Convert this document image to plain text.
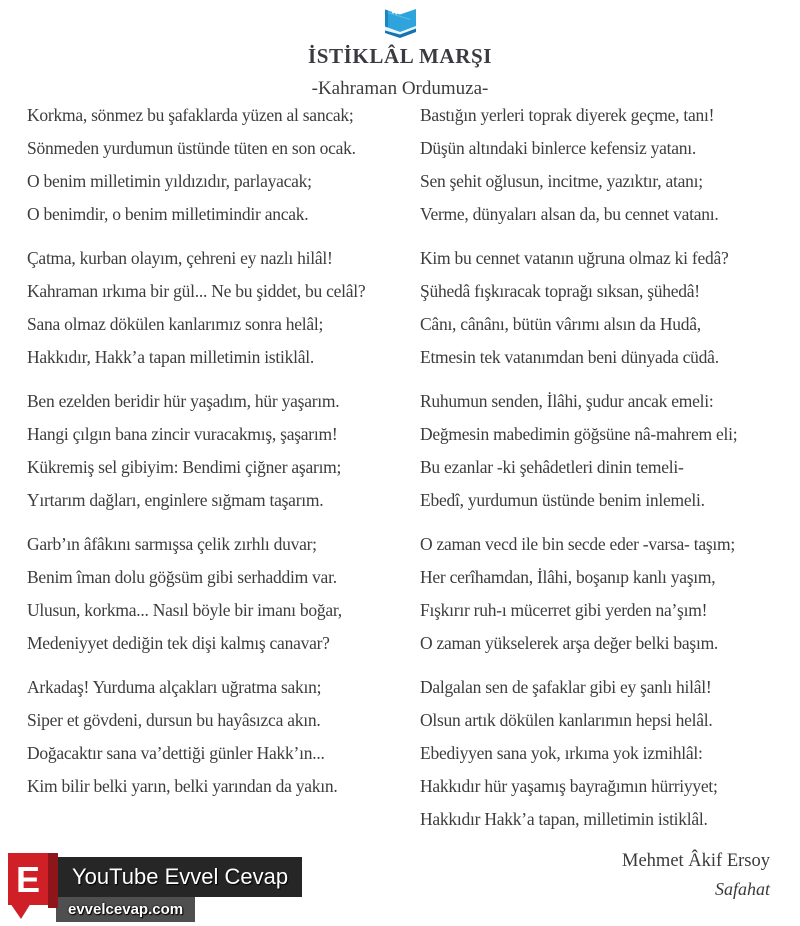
İSTİKLÂL MARŞI
-Kahraman Ordumuza-

Korkma, sönmez bu şafaklarda yüzen al sancak;

Sönmeden yurdumun üstünde tüten en son ocak.

O benim milletimin yıldızıdır, parlayacak;

O benimdir, o benim milletimindir ancak.

Çatma, kurban olayım, çehreni ey nazlı hilâl!

Kahraman ırkıma bir gül... Ne bu şiddet, bu celâl?

Sana olmaz dökülen kanlarımız sonra helâl;

Hakkıdır, Hakk’a tapan milletimin istiklâl.

Ben ezelden beridir hür yaşadım, hür yaşarım.

Hangi çılgın bana zincir vuracakmış, şaşarım!

Kükremiş sel gibiyim: Bendimi çiğner aşarım;

Yırtarım dağları, enginlere sığmam taşarım.

Garb’ın âfâkını sarmışsa çelik zırhlı duvar;

Benim îman dolu göğsüm gibi serhaddim var.

Ulusun, korkma... Nasıl böyle bir imanı boğar,

Medeniyyet dediğin tek dişi kalmış canavar?

Arkadaş! Yurduma alçakları uğratma sakın;

Siper et gövdeni, dursun bu hayâsızca akın.

Doğacaktır sana va’dettiği günler Hakk’ın...

Kim bilir belki yarın, belki yarından da yakın.

Bastığın yerleri toprak diyerek geçme, tanı!

Düşün altındaki binlerce kefensiz yatanı.

Sen şehit oğlusun, incitme, yazıktır, atanı;

Verme, dünyaları alsan da, bu cennet vatanı.

Kim bu cennet vatanın uğruna olmaz ki fedâ?

Şühedâ fışkıracak toprağı sıksan, şühedâ!

Cânı, cânânı, bütün vârımı alsın da Hudâ,

Etmesin tek vatanımdan beni dünyada cüdâ.

Ruhumun senden, İlâhi, şudur ancak emeli:

Değmesin mabedimin göğsüne nâ-mahrem eli;

Bu ezanlar -ki şehâdetleri dinin temeli-

Ebedî, yurdumun üstünde benim inlemeli.

O zaman vecd ile bin secde eder -varsa- taşım;

Her cerîhamdan, İlâhi, boşanıp kanlı yaşım,

Fışkırır ruh-ı mücerret gibi yerden na’şım!

O zaman yükselerek arşa değer belki başım.

Dalgalan sen de şafaklar gibi ey şanlı hilâl!

Olsun artık dökülen kanlarımın hepsi helâl.

Ebediyyen sana yok, ırkıma yok izmihlâl:

Hakkıdır hür yaşamış bayrağımın hürriyyet;

Hakkıdır Hakk’a tapan, milletimin istiklâl.

Mehmet Âkif Ersoy

Safahat

E	YouTube Evvel Cevap
evvelcevap.com
